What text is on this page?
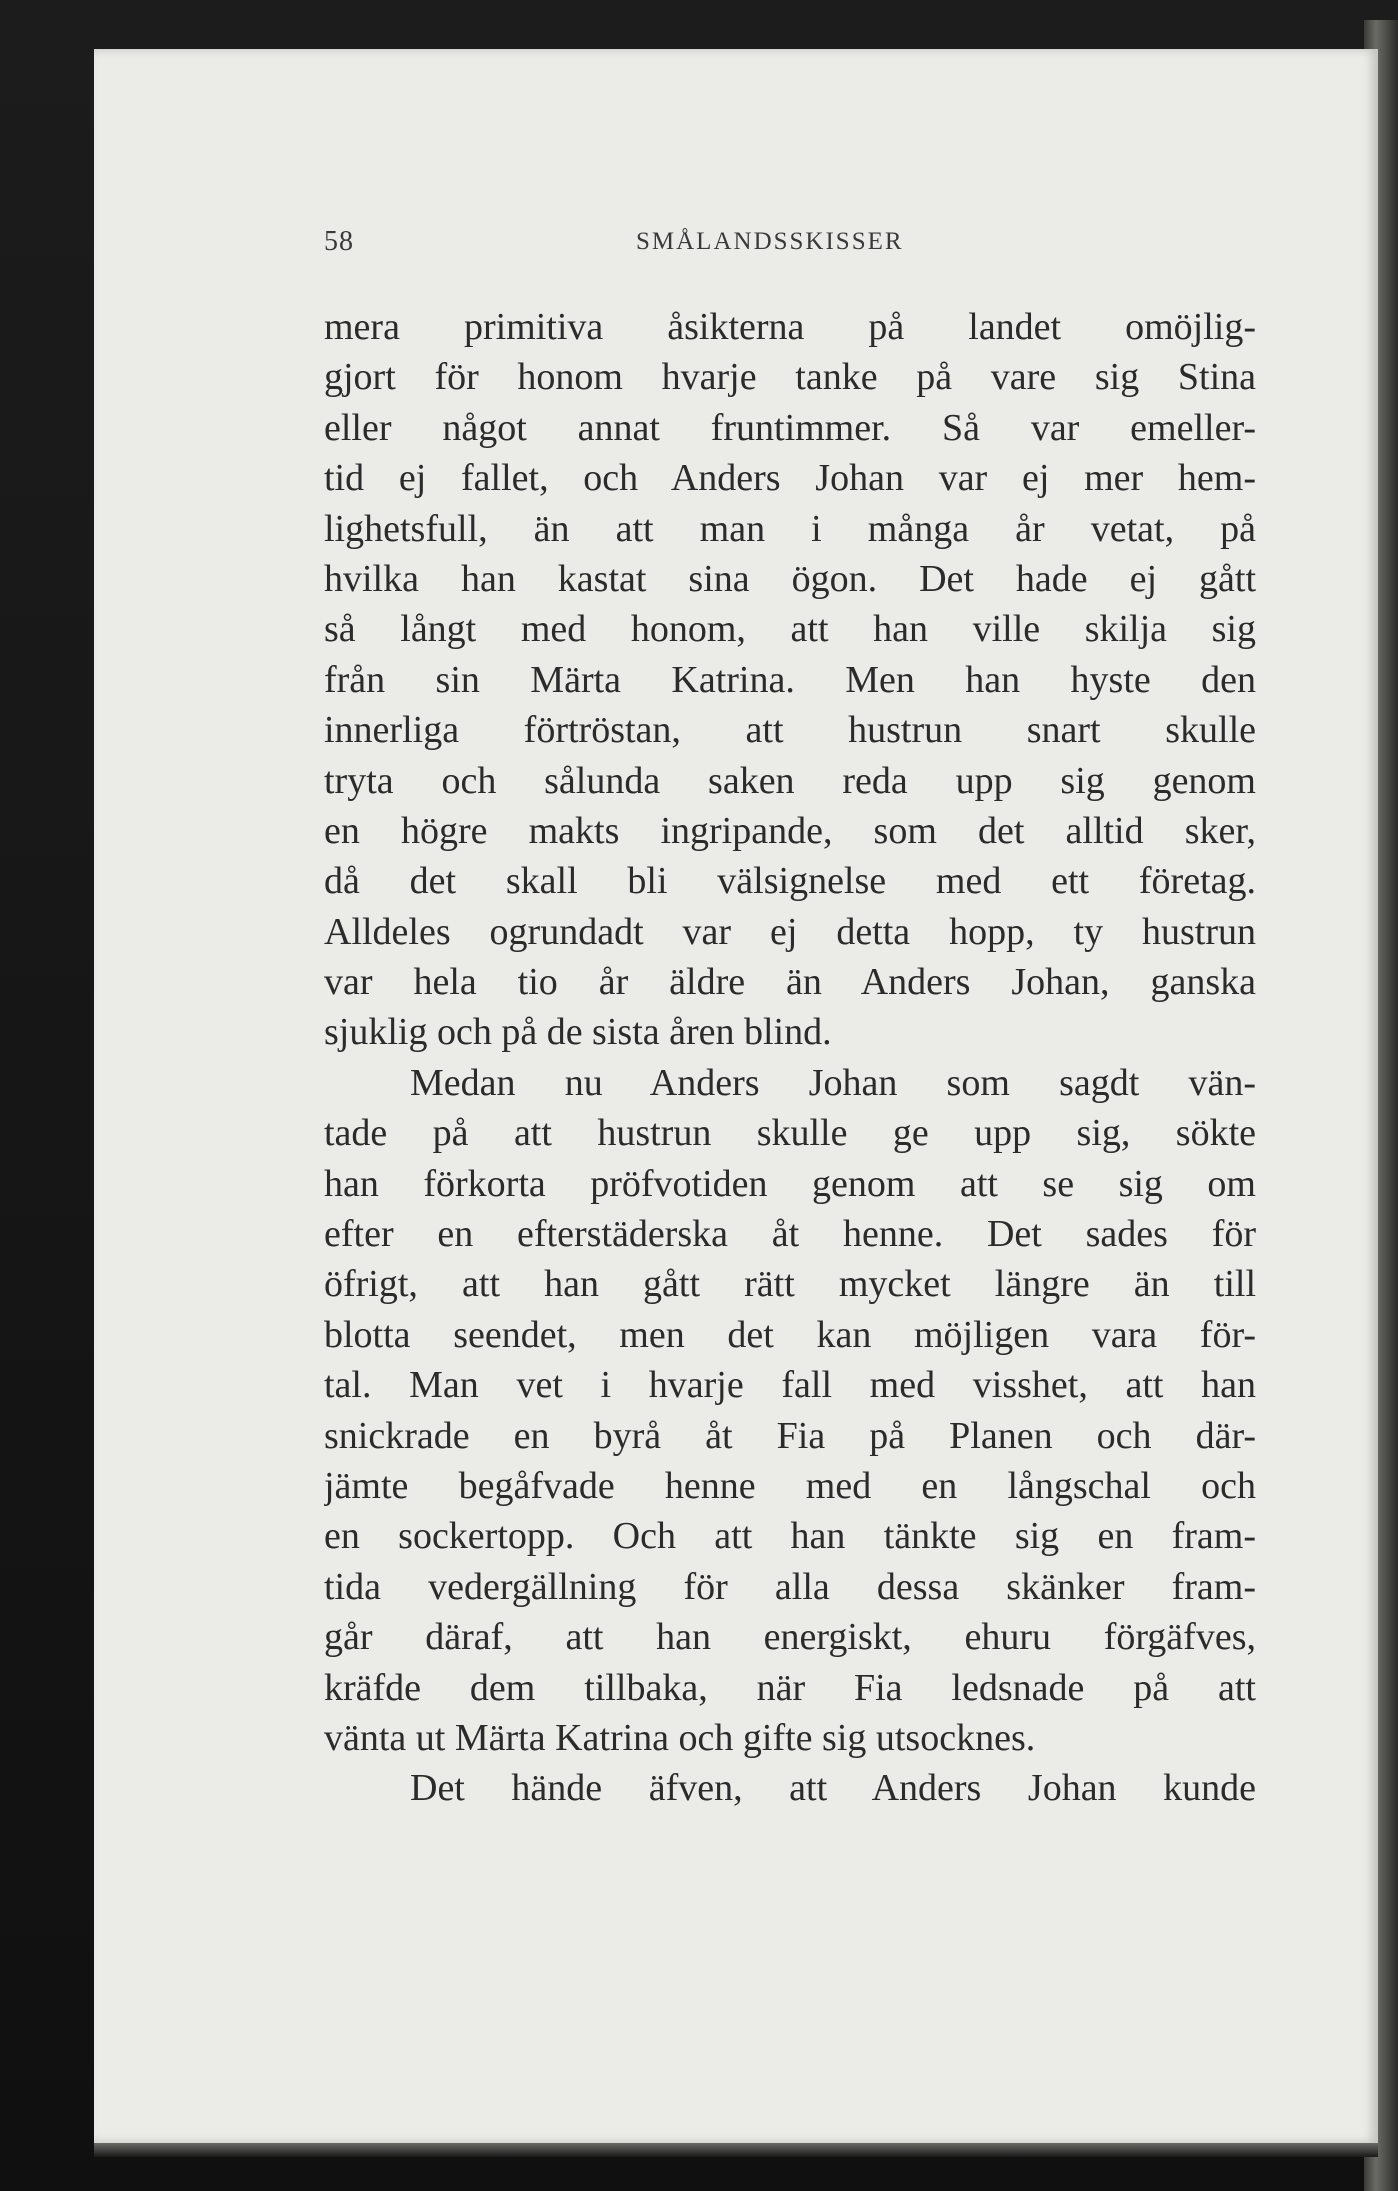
58	SMÅLANDSSKISSER
mera primitiva åsikterna på landet omöjlig-
gjort för honom hvarje tanke på vare sig Stina
eller något annat fruntimmer. Så var emeller-
tid ej fallet, och Anders Johan var ej mer hem-
lighetsfull, än att man i många år vetat, på
hvilka han kastat sina ögon. Det hade ej gått
så långt med honom, att han ville skilja sig
från sin Märta Katrina. Men han hyste den
innerliga förtröstan, att hustrun snart skulle
tryta och sålunda saken reda upp sig genom
en högre makts ingripande, som det alltid sker,
då det skall bli välsignelse med ett företag.
Alldeles ogrundadt var ej detta hopp, ty hustrun
var hela tio år äldre än Anders Johan, ganska
sjuklig och på de sista åren blind.
Medan nu Anders Johan som sagdt vän-
tade på att hustrun skulle ge upp sig, sökte
han förkorta pröfvotiden genom att se sig om
efter en efterstäderska åt henne. Det sades för
öfrigt, att han gått rätt mycket längre än till
blotta seendet, men det kan möjligen vara för-
tal. Man vet i hvarje fall med visshet, att han
snickrade en byrå åt Fia på Planen och där-
jämte begåfvade henne med en långschal och
en sockertopp. Och att han tänkte sig en fram-
tida vedergällning för alla dessa skänker fram-
går däraf, att han energiskt, ehuru förgäfves,
kräfde dem tillbaka, när Fia ledsnade på att
vänta ut Märta Katrina och gifte sig utsocknes.
Det hände äfven, att Anders Johan kunde
